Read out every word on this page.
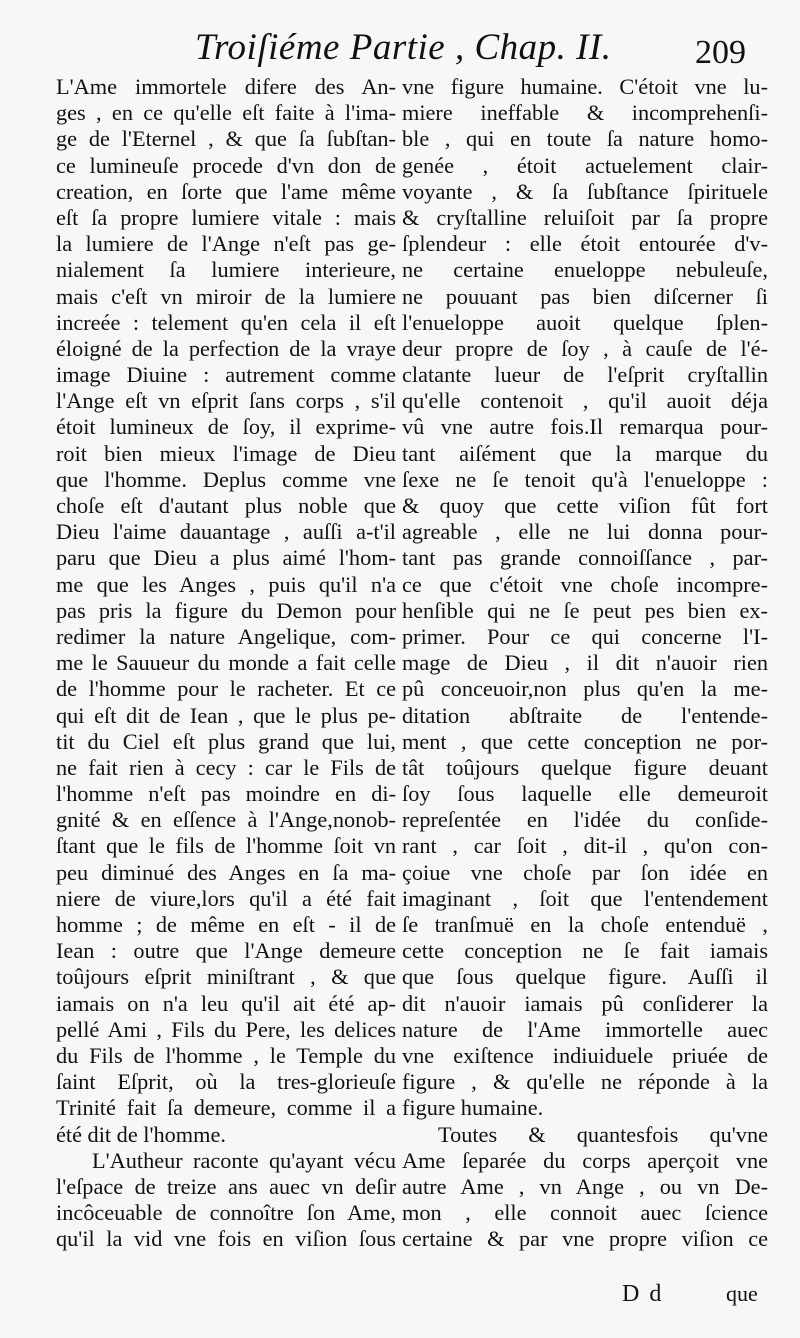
Troiſiéme Partie , Chap. II. 209
L'Ame immortele difere des An-
ges , en ce qu'elle eſt faite à l'ima-
ge de l'Eternel , & que ſa ſubſtan-
ce lumineuſe procede d'vn don de
creation, en ſorte que l'ame même
eſt ſa propre lumiere vitale : mais
la lumiere de l'Ange n'eſt pas ge-
nialement ſa lumiere interieure,
mais c'eſt vn miroir de la lumiere
increée : telement qu'en cela il eſt
éloigné de la perfection de la vraye
image Diuine : autrement comme
l'Ange eſt vn eſprit ſans corps , s'il
étoit lumineux de ſoy, il exprime-
roit bien mieux l'image de Dieu
que l'homme. Deplus comme vne
choſe eſt d'autant plus noble que
Dieu l'aime dauantage , auſſi a-t'il
paru que Dieu a plus aimé l'hom-
me que les Anges , puis qu'il n'a
pas pris la figure du Demon pour
redimer la nature Angelique, com-
me le Sauueur du monde a fait celle
de l'homme pour le racheter. Et ce
qui eſt dit de Iean , que le plus pe-
tit du Ciel eſt plus grand que lui,
ne fait rien à cecy : car le Fils de
l'homme n'eſt pas moindre en di-
gnité & en eſſence à l'Ange,nonob-
ſtant que le fils de l'homme ſoit vn
peu diminué des Anges en ſa ma-
niere de viure,lors qu'il a été fait
homme ; de même en eſt - il de
Iean : outre que l'Ange demeure
toûjours eſprit miniſtrant , & que
iamais on n'a leu qu'il ait été ap-
pellé Ami , Fils du Pere, les delices
du Fils de l'homme , le Temple du
ſaint Eſprit, où la tres-glorieuſe
Trinité fait ſa demeure, comme il a
été dit de l'homme.
L'Autheur raconte qu'ayant vécu
l'eſpace de treize ans auec vn deſir
incôceuable de connoître ſon Ame,
qu'il la vid vne fois en viſion ſous
vne figure humaine. C'étoit vne lu-
miere ineffable & incomprehenſi-
ble , qui en toute ſa nature homo-
genée , étoit actuelement clair-
voyante , & ſa ſubſtance ſpirituele
& cryſtalline reluiſoit par ſa propre
ſplendeur : elle étoit entourée d'v-
ne certaine enueloppe nebuleuſe,
ne pouuant pas bien diſcerner ſi
l'enueloppe auoit quelque ſplen-
deur propre de ſoy , à cauſe de l'é-
clatante lueur de l'eſprit cryſtallin
qu'elle contenoit , qu'il auoit déja
vû vne autre fois.Il remarqua pour-
tant aiſément que la marque du
ſexe ne ſe tenoit qu'à l'enueloppe :
& quoy que cette viſion fût fort
agreable , elle ne lui donna pour-
tant pas grande connoiſſance , par-
ce que c'étoit vne choſe incompre-
henſible qui ne ſe peut pes bien ex-
primer. Pour ce qui concerne l'I-
mage de Dieu , il dit n'auoir rien
pû conceuoir,non plus qu'en la me-
ditation abſtraite de l'entende-
ment , que cette conception ne por-
tât toûjours quelque figure deuant
ſoy ſous laquelle elle demeuroit
repreſentée en l'idée du conſide-
rant , car ſoit , dit-il , qu'on con-
çoiue vne choſe par ſon idée en
imaginant , ſoit que l'entendement
ſe tranſmuë en la choſe entenduë ,
cette conception ne ſe fait iamais
que ſous quelque figure. Auſſi il
dit n'auoir iamais pû conſiderer la
nature de l'Ame immortelle auec
vne exiſtence indiuiduele priuée de
figure , & qu'elle ne réponde à la
figure humaine.
Toutes & quantesfois qu'vne
Ame ſeparée du corps aperçoit vne
autre Ame , vn Ange , ou vn De-
mon , elle connoit auec ſcience
certaine & par vne propre viſion ce
D d	que
